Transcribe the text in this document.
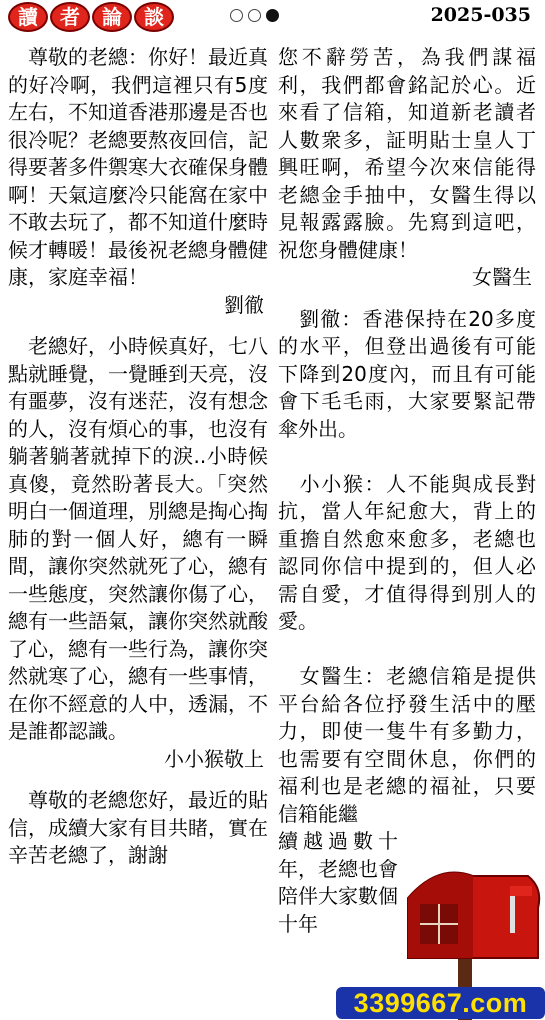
讀	者	論	談	2025-035

　尊敬的老總：你好！最近真的好冷啊，我們這裡只有5度左右，不知道香港那邊是否也很冷呢？老總要熬夜回信，記得要著多件禦寒大衣確保身體啊！天氣這麼冷只能窩在家中不敢去玩了，都不知道什麼時候才轉暖！最後祝老總身體健康，家庭幸福！

劉徹

　老總好，小時候真好，七八點就睡覺，一覺睡到天亮，沒有噩夢，沒有迷茫，沒有想念的人，沒有煩心的事，也沒有躺著躺著就掉下的淚..小時候真傻，竟然盼著長大。「突然明白一個道理，別總是掏心掏肺的對一個人好，總有一瞬間，讓你突然就死了心，總有一些態度，突然讓你傷了心，總有一些語氣，讓你突然就酸了心，總有一些行為，讓你突然就寒了心，總有一些事情，在你不經意的人中，透漏，不是誰都認識。

小小猴敬上

　尊敬的老總您好，最近的貼信，成續大家有目共睹，實在辛苦老總了，謝謝

您不辭勞苦，為我們謀福利，我們都會銘記於心。近來看了信箱，知道新老讀者人數衆多，証明貼士皇人丁興旺啊，希望今次來信能得老總金手抽中，女醫生得以見報露露臉。先寫到這吧，祝您身體健康！

女醫生

　劉徹：香港保持在20多度的水平，但登出過後有可能下降到20度內，而且有可能會下毛毛雨，大家要緊記帶傘外出。

　小小猴：人不能與成長對抗，當人年紀愈大，背上的重擔自然愈來愈多，老總也認同你信中提到的，但人必需自愛，才值得得到別人的愛。

　女醫生：老總信箱是提供平台給各位抒發生活中的壓力，即使一隻牛有多勤力，也需要有空間休息，你們的福利也是老總的福祉，只要信箱能繼

續越過數十年，老總也會陪伴大家數個十年

3399667.com
